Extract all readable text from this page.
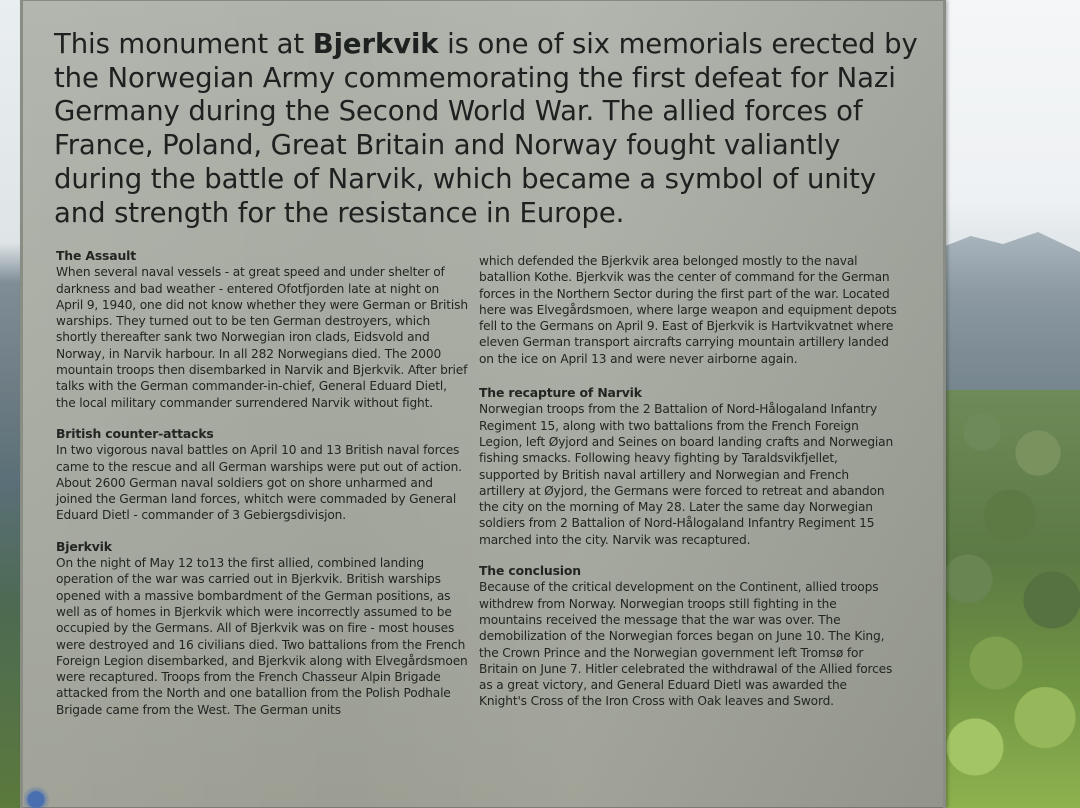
This monument at Bjerkvik is one of six memorials erected by the Norwegian Army commemorating the first defeat for Nazi Germany during the Second World War. The allied forces of France, Poland, Great Britain and Norway fought valiantly during the battle of Narvik, which became a symbol of unity and strength for the resistance in Europe.

The Assault

When several naval vessels - at great speed and under shelter of darkness and bad weather - entered Ofotfjorden late at night on April 9, 1940, one did not know whether they were German or British warships. They turned out to be ten German destroyers, which shortly thereafter sank two Norwegian iron clads, Eidsvold and Norway, in Narvik harbour. In all 282 Norwegians died. The 2000 mountain troops then disembarked in Narvik and Bjerkvik. After brief talks with the German commander-in-chief, General Eduard Dietl, the local military commander surrendered Narvik without fight.

British counter-attacks

In two vigorous naval battles on April 10 and 13 British naval forces came to the rescue and all German warships were put out of action. About 2600 German naval soldiers got on shore unharmed and joined the German land forces, whitch were commaded by General Eduard Dietl - commander of 3 Gebiergsdivisjon.

Bjerkvik

On the night of May 12 to13 the first allied, combined landing operation of the war was carried out in Bjerkvik. British warships opened with a massive bombardment of the German positions, as well as of homes in Bjerkvik which were incorrectly assumed to be occupied by the Germans. All of Bjerkvik was on fire - most houses were destroyed and 16 civilians died. Two battalions from the French Foreign Legion disembarked, and Bjerkvik along with Elvegårdsmoen were recaptured. Troops from the French Chasseur Alpin Brigade attacked from the North and one batallion from the Polish Podhale Brigade came from the West. The German units

which defended the Bjerkvik area belonged mostly to the naval batallion Kothe. Bjerkvik was the center of command for the German forces in the Northern Sector during the first part of the war. Located here was Elvegårdsmoen, where large weapon and equipment depots fell to the Germans on April 9. East of Bjerkvik is Hartvikvatnet where eleven German transport aircrafts carrying mountain artillery landed on the ice on April 13 and were never airborne again.

The recapture of Narvik

Norwegian troops from the 2 Battalion of Nord-Hålogaland Infantry Regiment 15, along with two battalions from the French Foreign Legion, left Øyjord and Seines on board landing crafts and Norwegian fishing smacks. Following heavy fighting by Taraldsvikfjellet, supported by British naval artillery and Norwegian and French artillery at Øyjord, the Germans were forced to retreat and abandon the city on the morning of May 28. Later the same day Norwegian soldiers from 2 Battalion of Nord-Hålogaland Infantry Regiment 15 marched into the city. Narvik was recaptured.

The conclusion

Because of the critical development on the Continent, allied troops withdrew from Norway. Norwegian troops still fighting in the mountains received the message that the war was over. The demobilization of the Norwegian forces began on June 10. The King, the Crown Prince and the Norwegian government left Tromsø for Britain on June 7. Hitler celebrated the withdrawal of the Allied forces as a great victory, and General Eduard Dietl was awarded the Knight's Cross of the Iron Cross with Oak leaves and Sword.
